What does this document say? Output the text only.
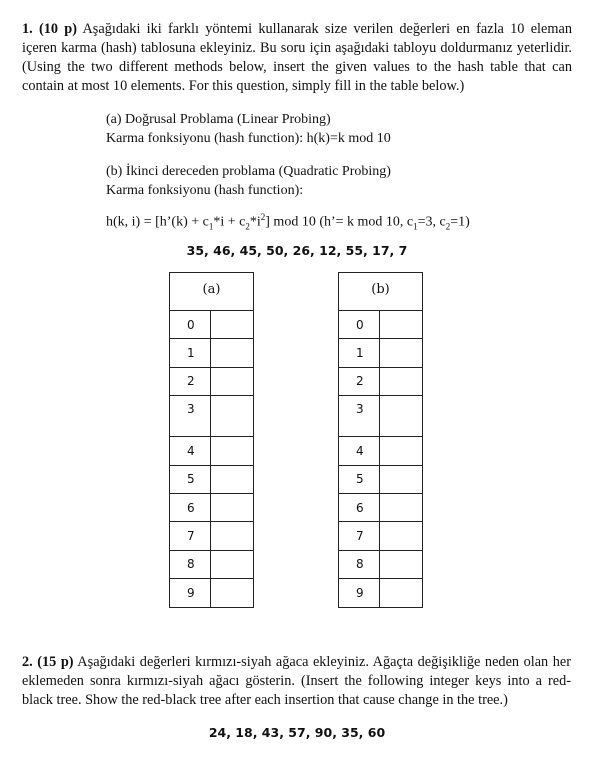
1. (10 p) Aşağıdaki iki farklı yöntemi kullanarak size verilen değerleri en fazla 10 eleman içeren karma (hash) tablosuna ekleyiniz. Bu soru için aşağıdaki tabloyu doldurmanız yeterlidir. (Using the two different methods below, insert the given values to the hash table that can contain at most 10 elements. For this question, simply fill in the table below.)
(a) Doğrusal Problama (Linear Probing)
Karma fonksiyonu (hash function): h(k)=k mod 10
(b) İkinci dereceden problama (Quadratic Probing)
Karma fonksiyonu (hash function):
h(k, i) = [h’(k) + $c_1*i + c_2*i^2$] mod 10 (h’= k mod 10, $c_1=3$, $c_2=1$)
35, 46, 45, 50, 26, 12, 55, 17, 7
(a)	
0	
1	
2	
3	
4	
5	
6	
7	
8	
9	
(b)	
0	
1	
2	
3	
4	
5	
6	
7	
8	
9	
2. (15 p) Aşağıdaki değerleri kırmızı-siyah ağaca ekleyiniz. Ağaçta değişikliğe neden olan her eklemeden sonra kırmızı-siyah ağacı gösterin. (Insert the following integer keys into a red-black tree. Show the red-black tree after each insertion that cause change in the tree.)
24, 18, 43, 57, 90, 35, 60
